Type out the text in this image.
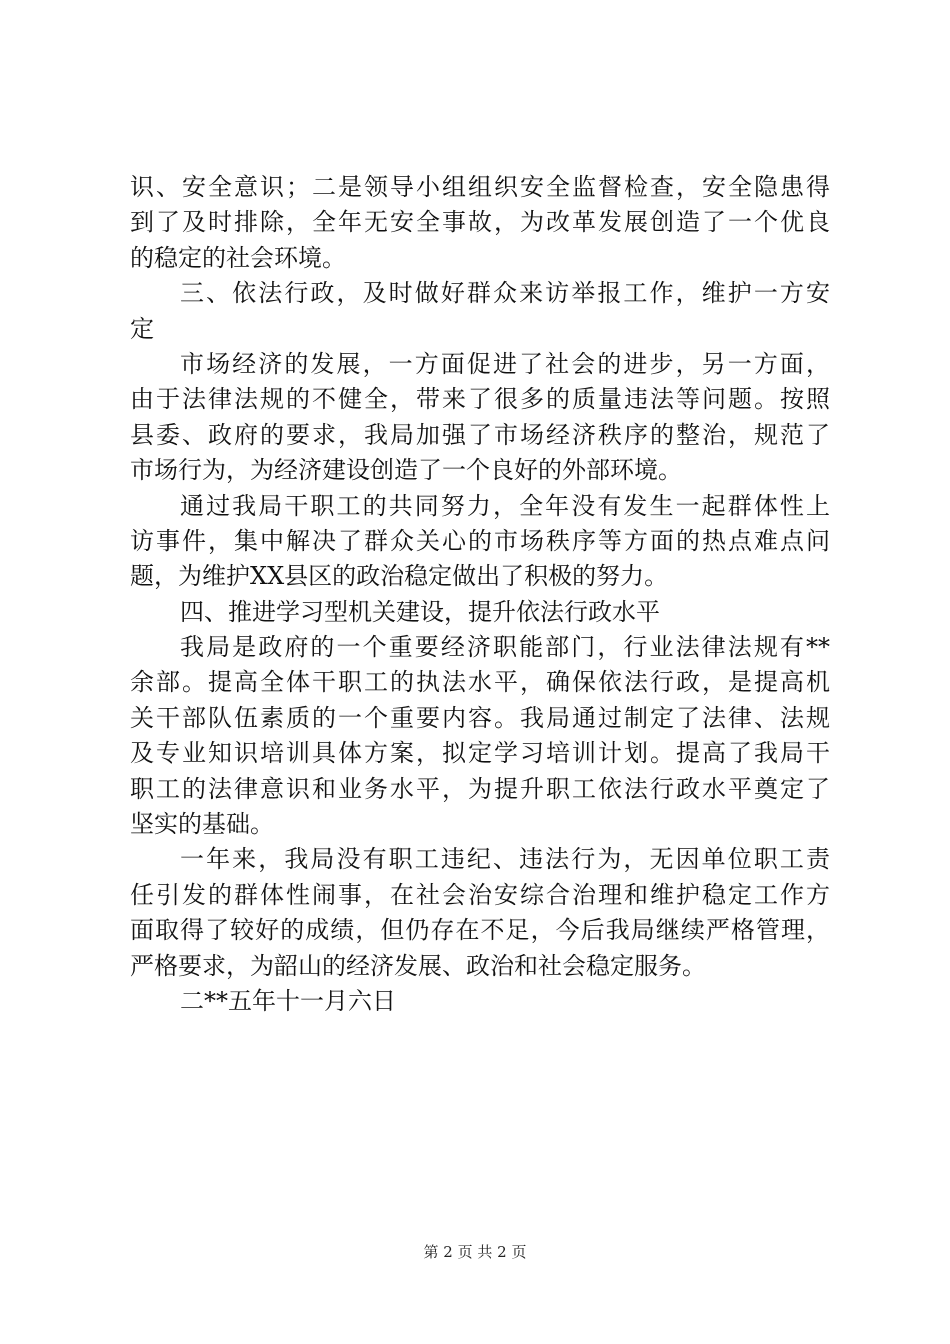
识、安全意识；二是领导小组组织安全监督检查，安全隐患得
到了及时排除，全年无安全事故，为改革发展创造了一个优良
的稳定的社会环境。
三、依法行政，及时做好群众来访举报工作，维护一方安
定
市场经济的发展，一方面促进了社会的进步，另一方面，
由于法律法规的不健全，带来了很多的质量违法等问题。按照
县委、政府的要求，我局加强了市场经济秩序的整治，规范了
市场行为，为经济建设创造了一个良好的外部环境。
通过我局干职工的共同努力，全年没有发生一起群体性上
访事件，集中解决了群众关心的市场秩序等方面的热点难点问
题，为维护XX县区的政治稳定做出了积极的努力。
四、推进学习型机关建设，提升依法行政水平
我局是政府的一个重要经济职能部门，行业法律法规有**
余部。提高全体干职工的执法水平，确保依法行政，是提高机
关干部队伍素质的一个重要内容。我局通过制定了法律、法规
及专业知识培训具体方案，拟定学习培训计划。提高了我局干
职工的法律意识和业务水平，为提升职工依法行政水平奠定了
坚实的基础。
一年来，我局没有职工违纪、违法行为，无因单位职工责
任引发的群体性闹事，在社会治安综合治理和维护稳定工作方
面取得了较好的成绩，但仍存在不足，今后我局继续严格管理，
严格要求，为韶山的经济发展、政治和社会稳定服务。
二**五年十一月六日
第 2 页 共 2 页
